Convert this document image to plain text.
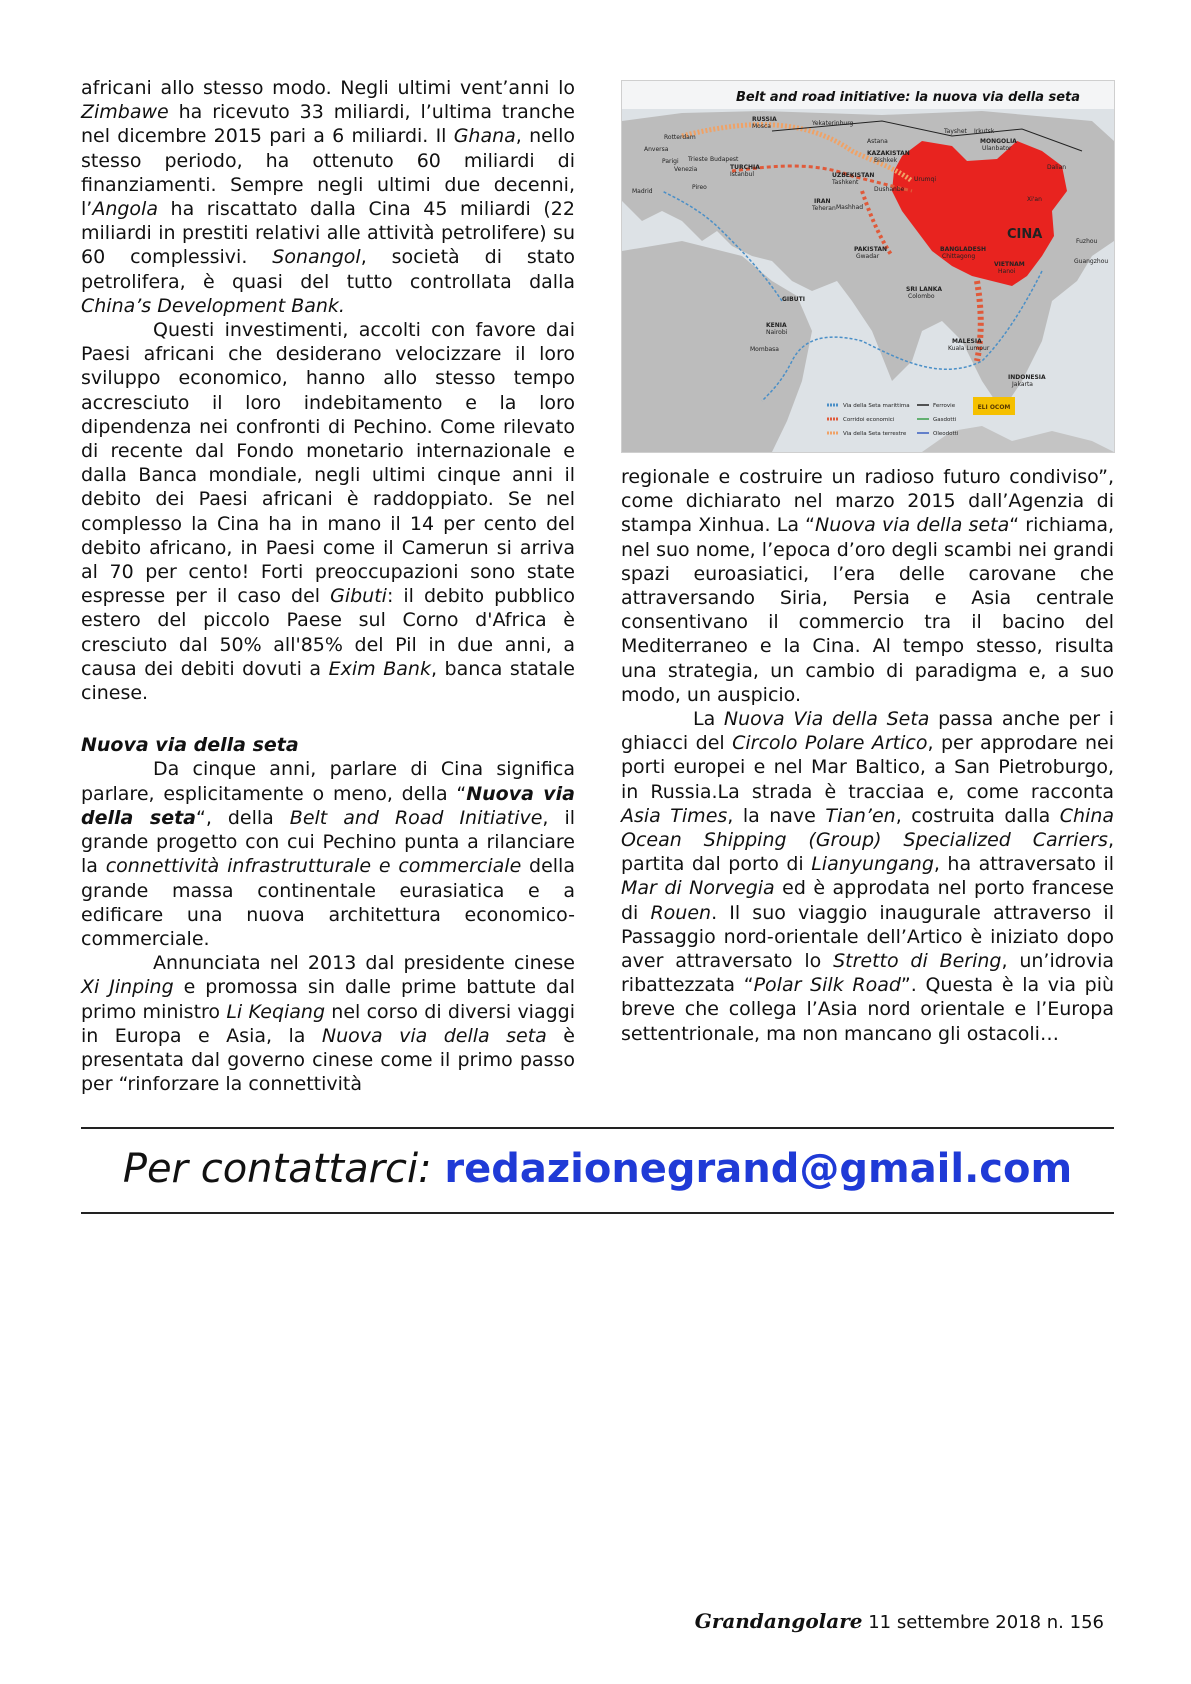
africani allo stesso modo. Negli ultimi vent’anni lo Zimbawe ha ricevuto 33 miliardi, l’ultima tranche nel dicembre 2015 pari a 6 miliardi. Il Ghana, nello stesso periodo, ha ottenuto 60 miliardi di finanziamenti. Sempre negli ultimi due decenni, l’Angola ha riscattato dalla Cina 45 miliardi (22 miliardi in prestiti relativi alle attività petrolifere) su 60 complessivi. Sonangol, società di stato petrolifera, è quasi del tutto controllata dalla China’s Development Bank.

Questi investimenti, accolti con favore dai Paesi africani che desiderano velocizzare il loro sviluppo economico, hanno allo stesso tempo accresciuto il loro indebitamento e la loro dipendenza nei confronti di Pechino. Come rilevato di recente dal Fondo monetario internazionale e dalla Banca mondiale, negli ultimi cinque anni il debito dei Paesi africani è raddoppiato. Se nel complesso la Cina ha in mano il 14 per cento del debito africano, in Paesi come il Camerun si arriva al 70 per cento! Forti preoccupazioni sono state espresse per il caso del Gibuti: il debito pubblico estero del piccolo Paese sul Corno d'Africa è cresciuto dal 50% all'85% del Pil in due anni, a causa dei debiti dovuti a Exim Bank, banca statale cinese.

Nuova via della seta

Da cinque anni, parlare di Cina significa parlare, esplicitamente o meno, della “Nuova via della seta“, della Belt and Road Initiative, il grande progetto con cui Pechino punta a rilanciare la connettività infrastrutturale e commerciale della grande massa continentale eurasiatica e a edificare una nuova architettura economico-commerciale.

Annunciata nel 2013 dal presidente cinese Xi Jinping e promossa sin dalle prime battute dal primo ministro Li Keqiang nel corso di diversi viaggi in Europa e Asia, la Nuova via della seta è presentata dal governo cinese come il primo passo per “rinforzare la connettività

Belt and road initiative: la nuova via della seta
CINA
RUSSIA
Mosca	Yekaterinburg
Rotterdam
Anversa
Parigi
Madrid
Trieste Budapest
Venezia
Pireo
TURCHIA
Istanbul
Astana
KAZAKISTAN
Bishkek
UZBEKISTAN
Tashkent
IRAN
Teheran Mashhad
Dushanbe
Urumqi
Tayshet Irkutsk
MONGOLIA
Ulanbator
Dalian
Xi'an
PAKISTAN
Gwadar
BANGLADESH
Chittagong
VIETNAM
Hanoi
Fuzhou
Guangzhou
GIBUTI
KENIA
Nairobi
Mombasa
SRI LANKA
Colombo
MALESIA
Kuala Lumpur
INDONESIA
Jakarta
Via della Seta marittima
Corridoi economici
Via della Seta terrestre
Ferrovie
Gasdotti
Oleodotti
ELI OCOM

regionale e costruire un radioso futuro condiviso”, come dichiarato nel marzo 2015 dall’Agenzia di stampa Xinhua. La “Nuova via della seta“ richiama, nel suo nome, l’epoca d’oro degli scambi nei grandi spazi euroasiatici, l’era delle carovane che attraversando Siria, Persia e Asia centrale consentivano il commercio tra il bacino del Mediterraneo e la Cina. Al tempo stesso, risulta una strategia, un cambio di paradigma e, a suo modo, un auspicio.

La Nuova Via della Seta passa anche per i ghiacci del Circolo Polare Artico, per approdare nei porti europei e nel Mar Baltico, a San Pietroburgo, in Russia.La strada è tracciaa e, come racconta Asia Times, la nave Tian’en, costruita dalla China Ocean Shipping (Group) Specialized Carriers, partita dal porto di Lianyungang, ha attraversato il Mar di Norvegia ed è approdata nel porto francese di Rouen. Il suo viaggio inaugurale attraverso il Passaggio nord-orientale dell’Artico è iniziato dopo aver attraversato lo Stretto di Bering, un’idrovia ribattezzata “Polar Silk Road”. Questa è la via più breve che collega l’Asia nord orientale e l’Europa settentrionale, ma non mancano gli ostacoli…

Per contattarci: redazionegrand@gmail.com
Grandangolare 11 settembre 2018 n. 156
